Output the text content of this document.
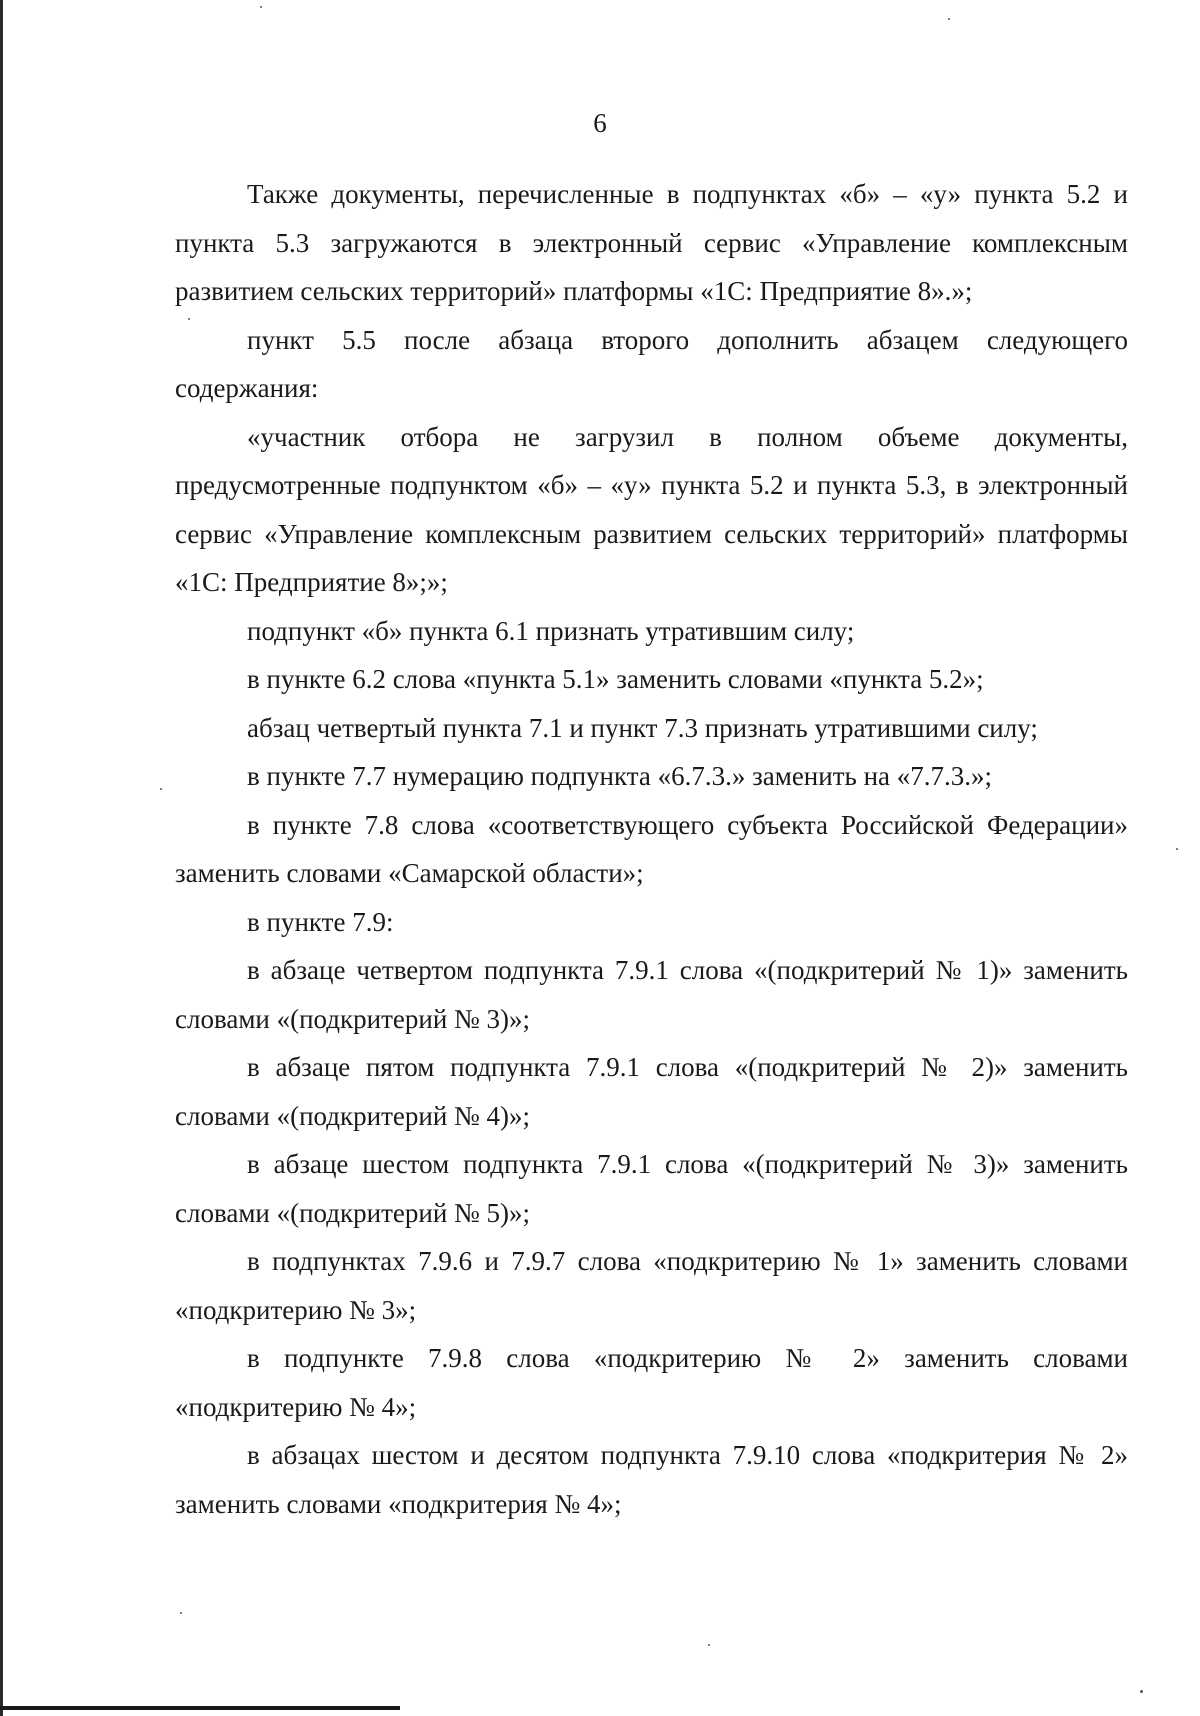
6

Также документы, перечисленные в подпунктах «б» – «у» пункта 5.2 и пункта 5.3 загружаются в электронный сервис «Управление комплексным развитием сельских территорий» платформы «1С: Предприятие 8».»;

пункт 5.5 после абзаца второго дополнить абзацем следующего содержания:

«участник отбора не загрузил в полном объеме документы, предусмотренные подпунктом «б» – «у» пункта 5.2 и пункта 5.3, в электронный сервис «Управление комплексным развитием сельских территорий» платформы «1С: Предприятие 8»;»;

подпункт «б» пункта 6.1 признать утратившим силу;

в пункте 6.2 слова «пункта 5.1» заменить словами «пункта 5.2»;

абзац четвертый пункта 7.1 и пункт 7.3 признать утратившими силу;

в пункте 7.7 нумерацию подпункта «6.7.3.» заменить на «7.7.3.»;

в пункте 7.8 слова «соответствующего субъекта Российской Федерации» заменить словами «Самарской области»;

в пункте 7.9:

в абзаце четвертом подпункта 7.9.1 слова «(подкритерий № 1)» заменить словами «(подкритерий № 3)»;

в абзаце пятом подпункта 7.9.1 слова «(подкритерий № 2)» заменить словами «(подкритерий № 4)»;

в абзаце шестом подпункта 7.9.1 слова «(подкритерий № 3)» заменить словами «(подкритерий № 5)»;

в подпунктах 7.9.6 и 7.9.7 слова «подкритерию № 1» заменить словами «подкритерию № 3»;

в подпункте 7.9.8 слова «подкритерию № 2» заменить словами «подкритерию № 4»;

в абзацах шестом и десятом подпункта 7.9.10 слова «подкритерия № 2» заменить словами «подкритерия № 4»;
